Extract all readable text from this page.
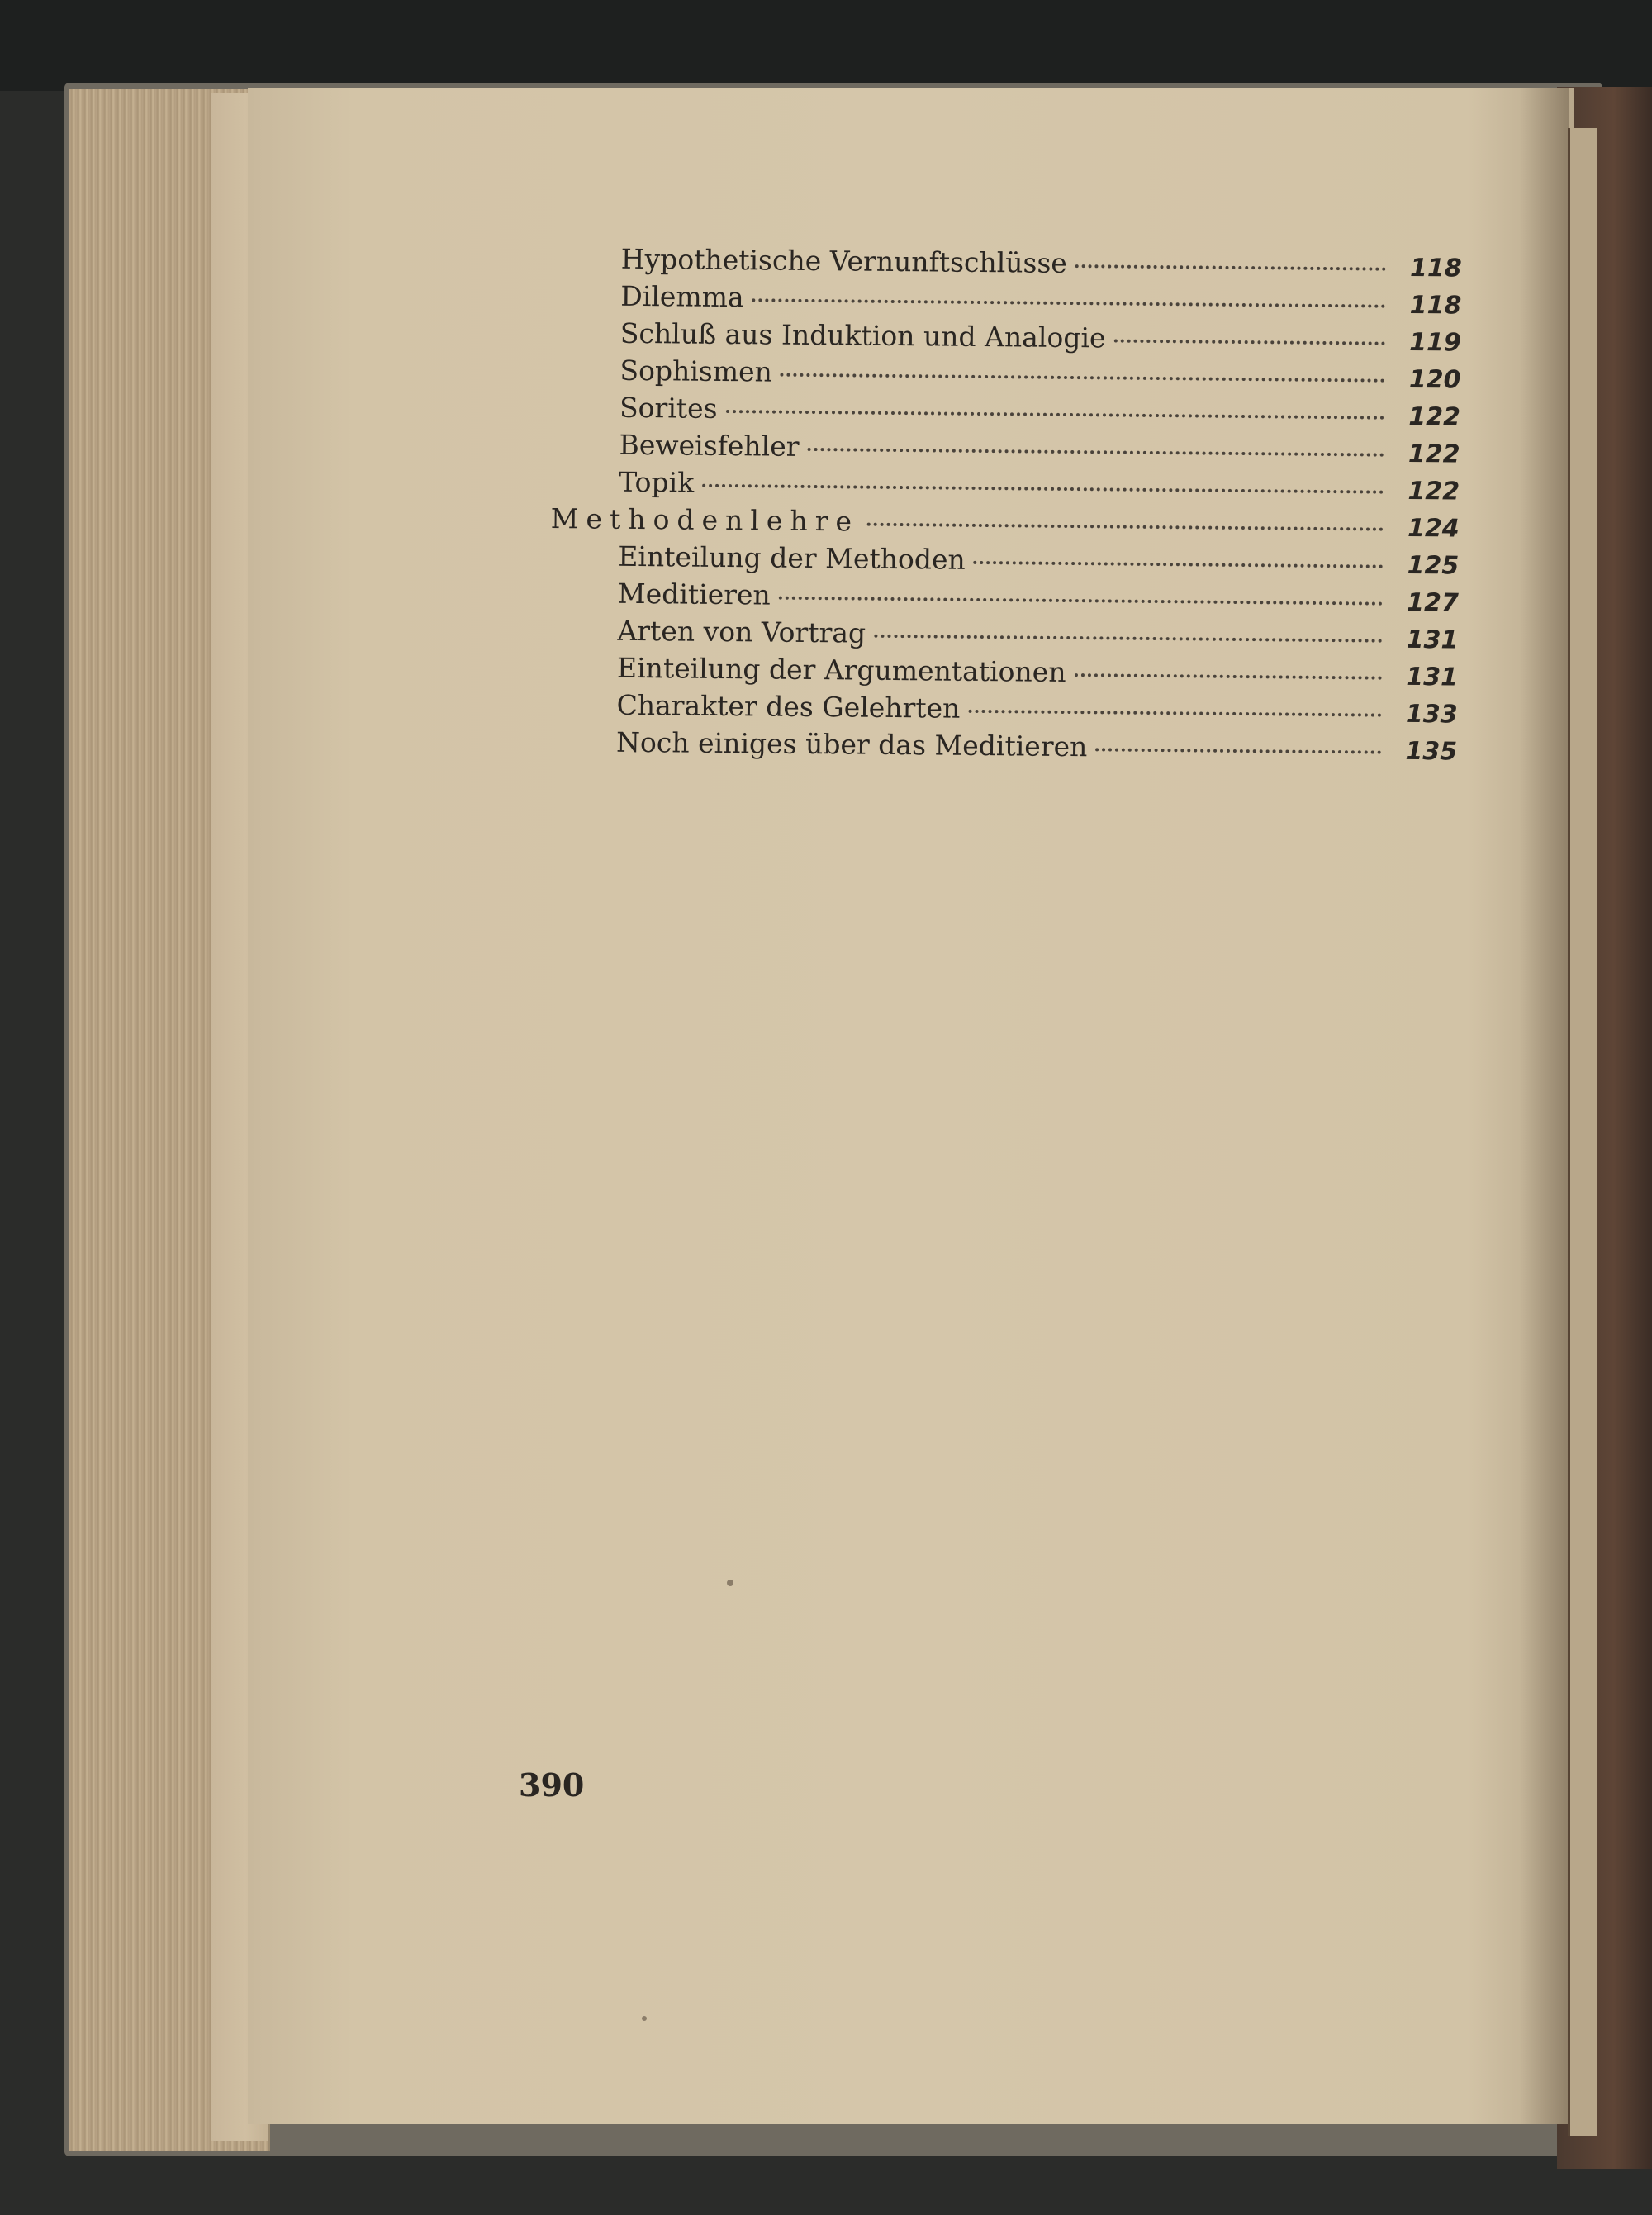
Hypothetische Vernunftschlüsse	118
Dilemma	118
Schluß aus Induktion und Analogie	119
Sophismen	120
Sorites	122
Beweisfehler	122
Topik	122
Methodenlehre	124
Einteilung der Methoden	125
Meditieren	127
Arten von Vortrag	131
Einteilung der Argumentationen	131
Charakter des Gelehrten	133
Noch einiges über das Meditieren	135
390
